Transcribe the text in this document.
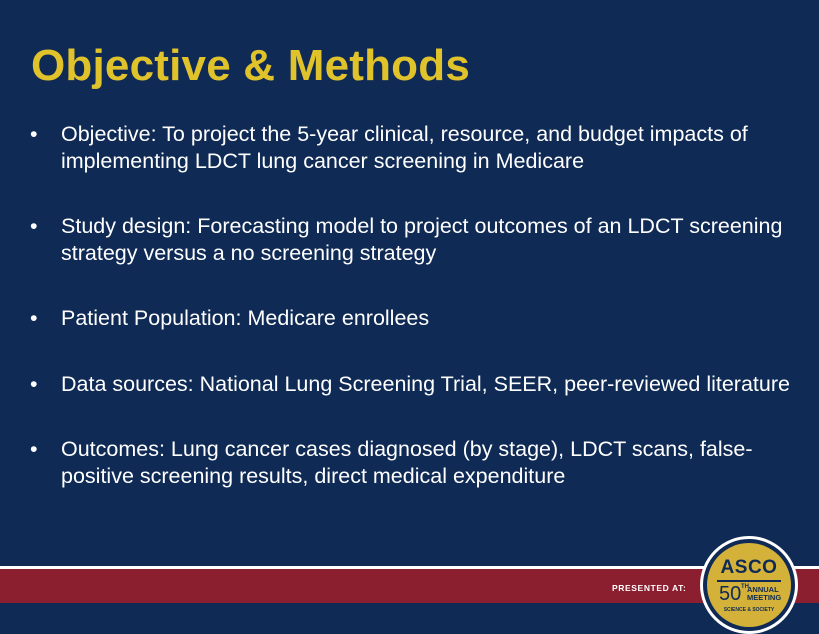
Objective & Methods
•	Objective: To project the 5-year clinical, resource, and budget impacts of implementing LDCT lung cancer screening in Medicare
•	Study design: Forecasting model to project outcomes of an LDCT screening strategy versus a no screening strategy
•	Patient Population: Medicare enrollees
•	Data sources: National Lung Screening Trial, SEER, peer-reviewed literature
•	Outcomes: Lung cancer cases diagnosed (by stage), LDCT scans, false-positive screening results, direct medical expenditure
PRESENTED AT:
ASCO
50 TH
ANNUAL
MEETING
SCIENCE & SOCIETY
